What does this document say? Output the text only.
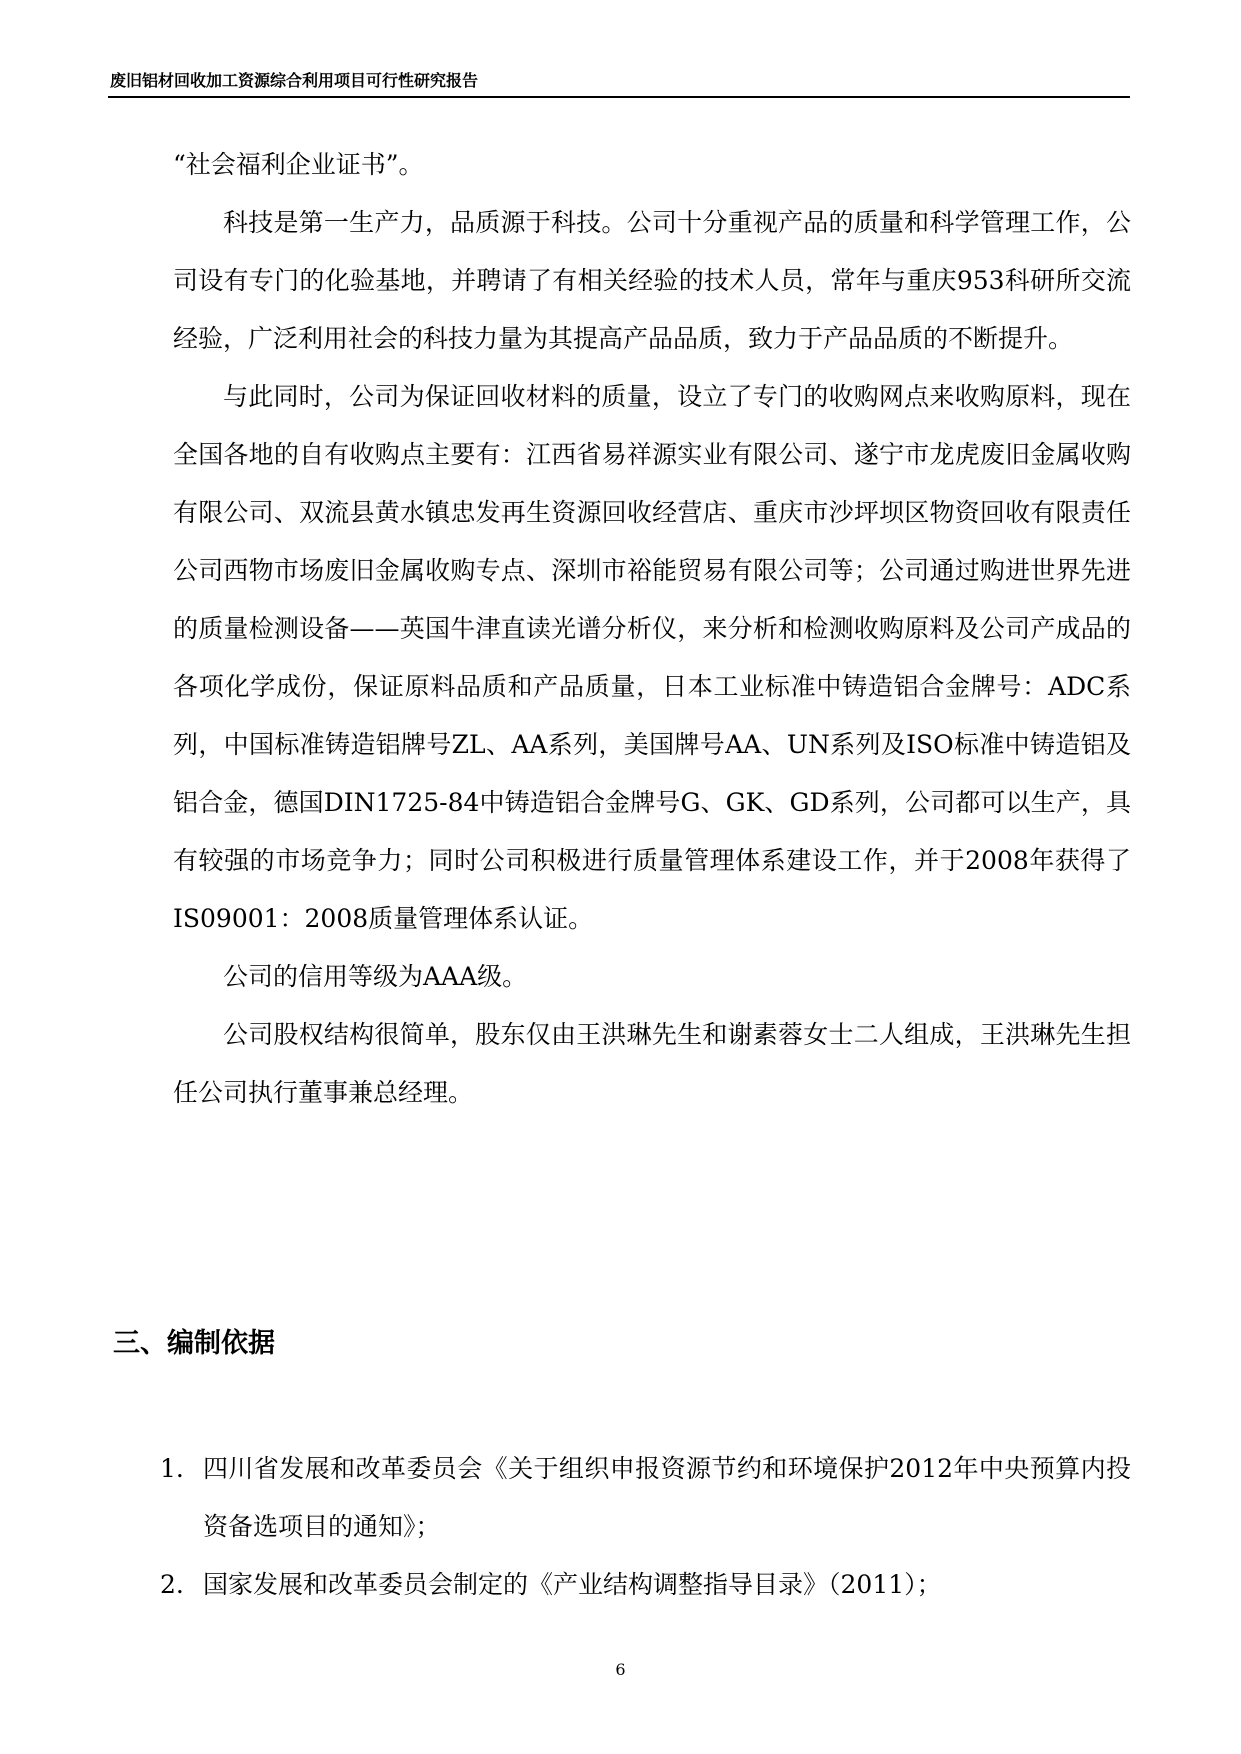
废旧铝材回收加工资源综合利用项目可行性研究报告

“社会福利企业证书”。

科技是第一生产力，品质源于科技。公司十分重视产品的质量和科学管理工作，公司设有专门的化验基地，并聘请了有相关经验的技术人员，常年与重庆953科研所交流经验，广泛利用社会的科技力量为其提高产品品质，致力于产品品质的不断提升。

与此同时，公司为保证回收材料的质量，设立了专门的收购网点来收购原料，现在全国各地的自有收购点主要有：江西省易祥源实业有限公司、遂宁市龙虎废旧金属收购有限公司、双流县黄水镇忠发再生资源回收经营店、重庆市沙坪坝区物资回收有限责任公司西物市场废旧金属收购专点、深圳市裕能贸易有限公司等；公司通过购进世界先进的质量检测设备——英国牛津直读光谱分析仪，来分析和检测收购原料及公司产成品的各项化学成份，保证原料品质和产品质量，日本工业标准中铸造铝合金牌号：ADC系列，中国标准铸造铝牌号ZL、AA系列，美国牌号AA、UN系列及ISO标准中铸造铝及铝合金，德国DIN1725-84中铸造铝合金牌号G、GK、GD系列，公司都可以生产，具有较强的市场竞争力；同时公司积极进行质量管理体系建设工作，并于2008年获得了IS09001：2008质量管理体系认证。

公司的信用等级为AAA级。

公司股权结构很简单，股东仅由王洪琳先生和谢素蓉女士二人组成，王洪琳先生担任公司执行董事兼总经理。

三、编制依据
1. 四川省发展和改革委员会《关于组织申报资源节约和环境保护2012年中央预算内投资备选项目的通知》；
2. 国家发展和改革委员会制定的《产业结构调整指导目录》（2011）；
6
